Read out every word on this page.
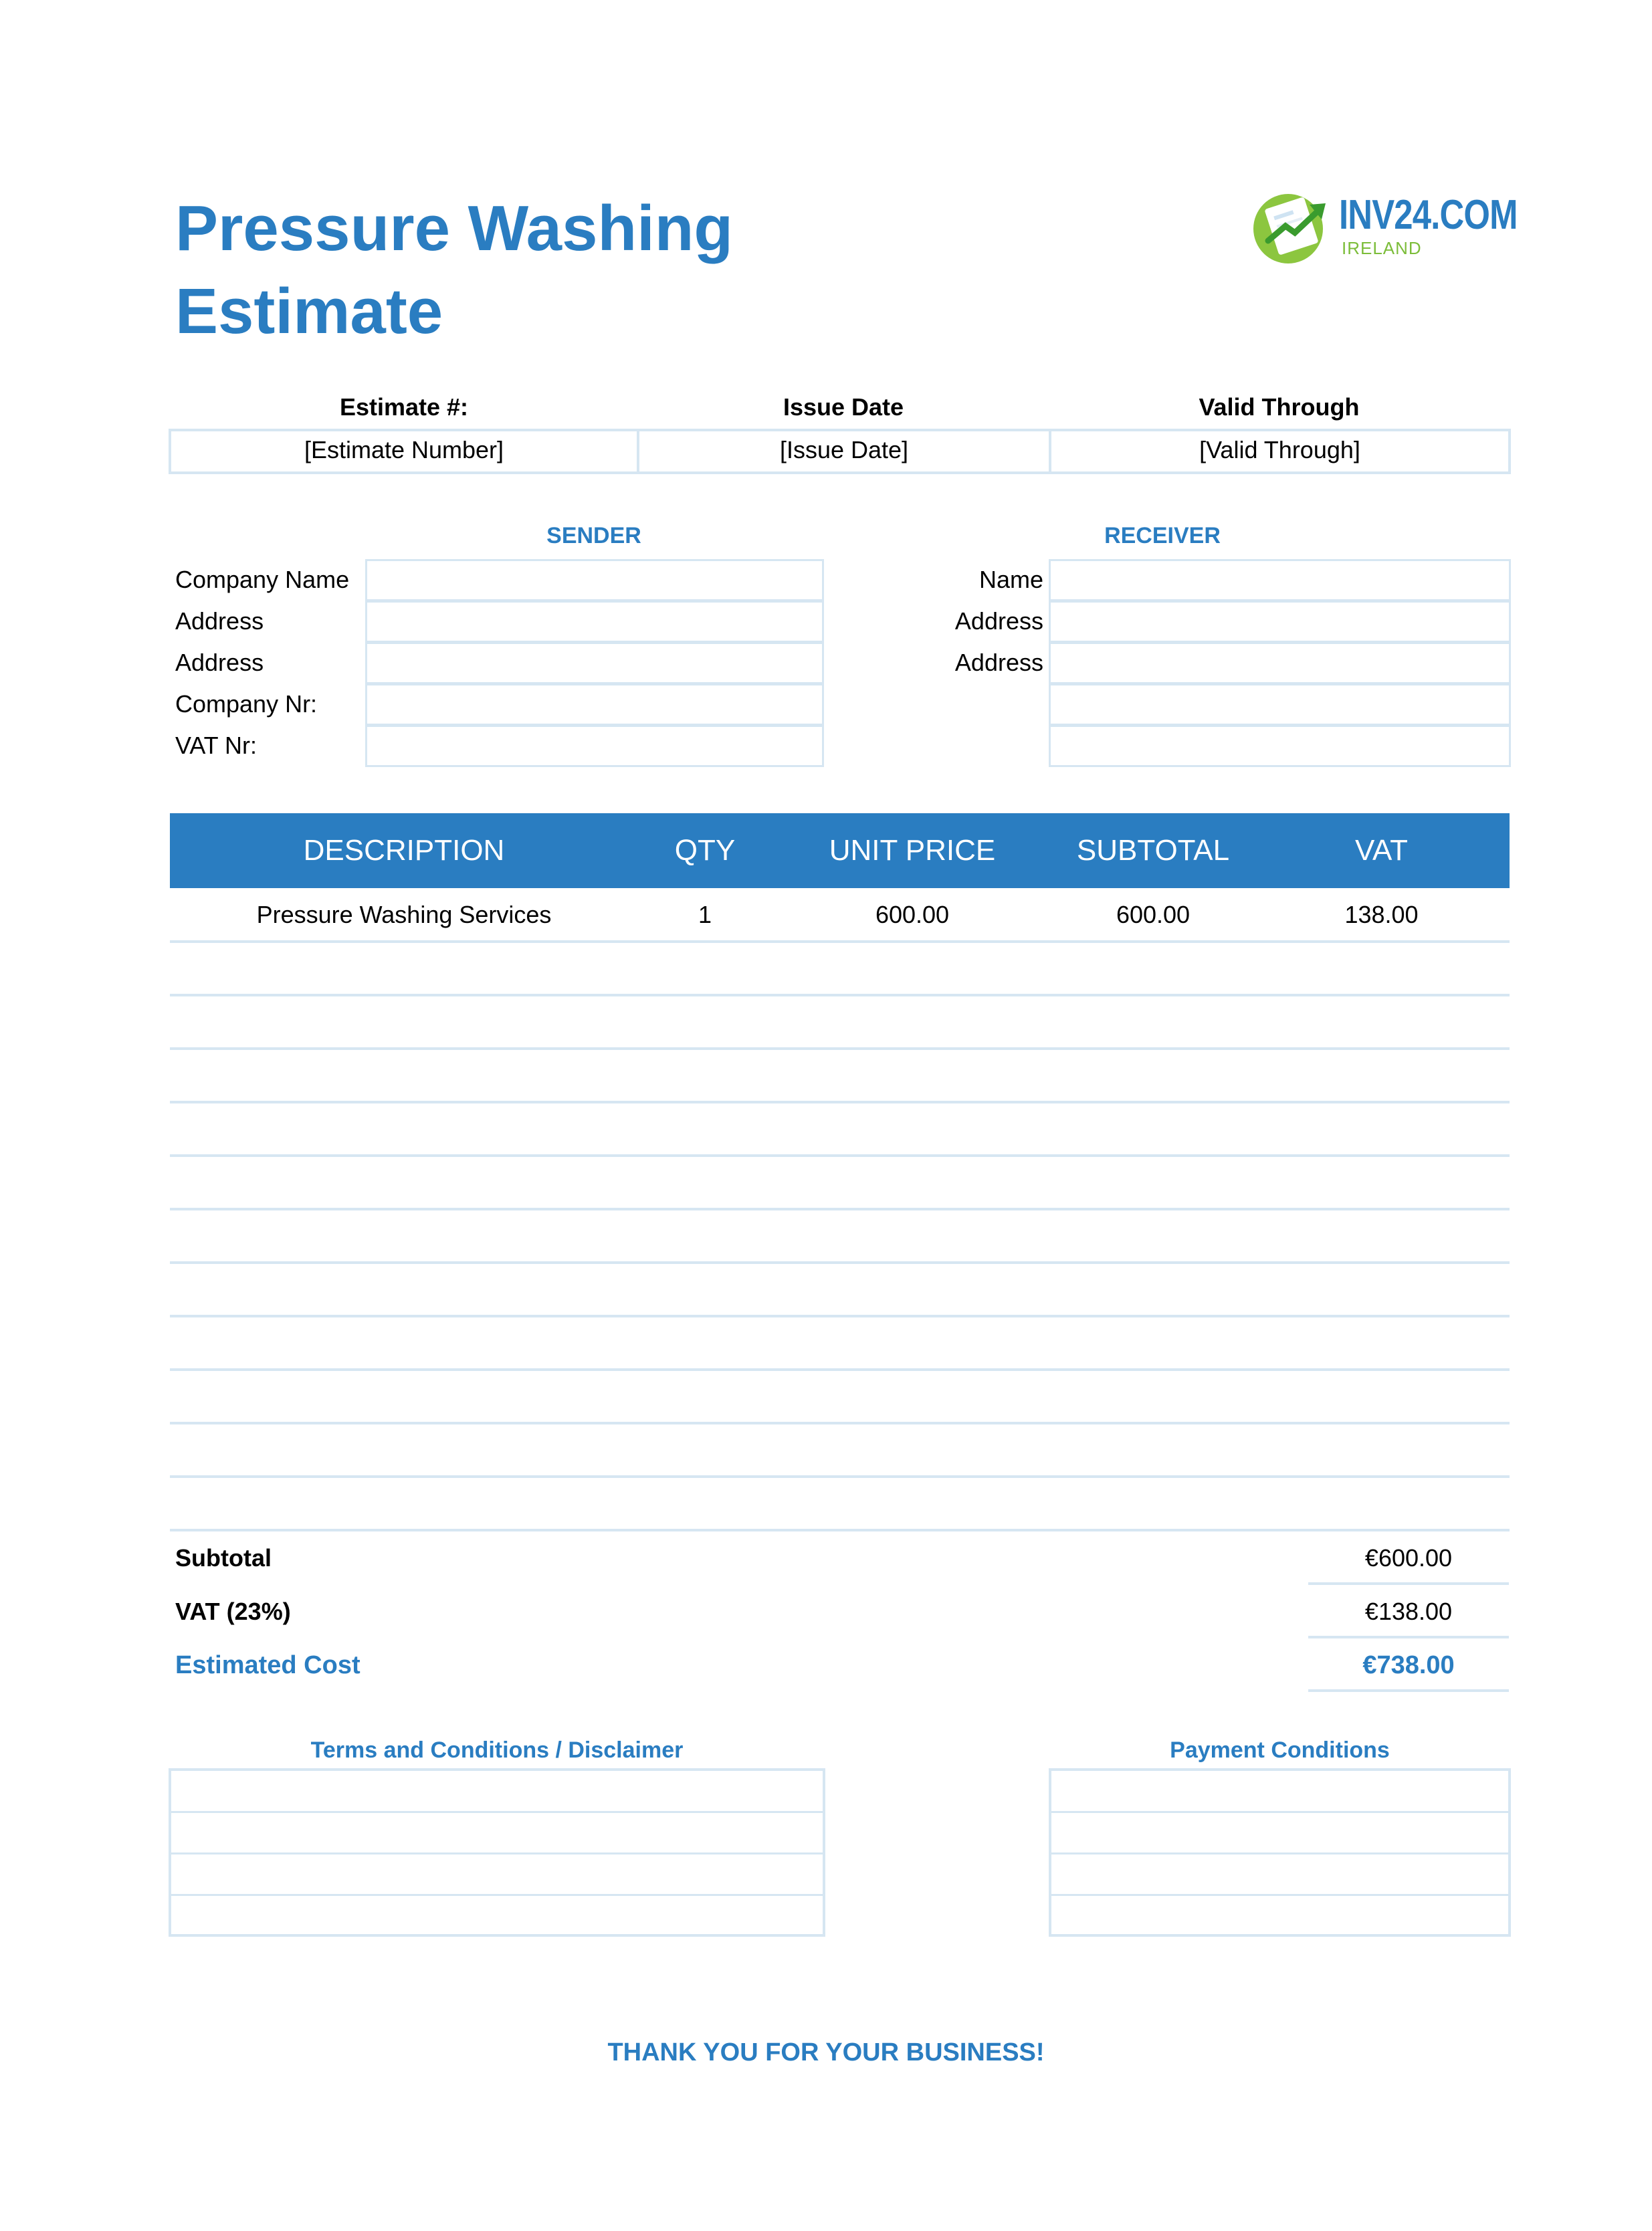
Pressure Washing
Estimate
INV24.COM
IRELAND
Estimate #:	Issue Date	Valid Through
[Estimate Number]	[Issue Date]	[Valid Through]
SENDER
Company Name
Address
Address
Company Nr:
VAT Nr:
RECEIVER
Name
Address
Address
DESCRIPTION	QTY	UNIT PRICE	SUBTOTAL	VAT
Pressure Washing Services	1	600.00	600.00	138.00
Subtotal	€600.00
VAT (23%)	€138.00
Estimated Cost	€738.00
Terms and Conditions / Disclaimer	Payment Conditions
THANK YOU FOR YOUR BUSINESS!
